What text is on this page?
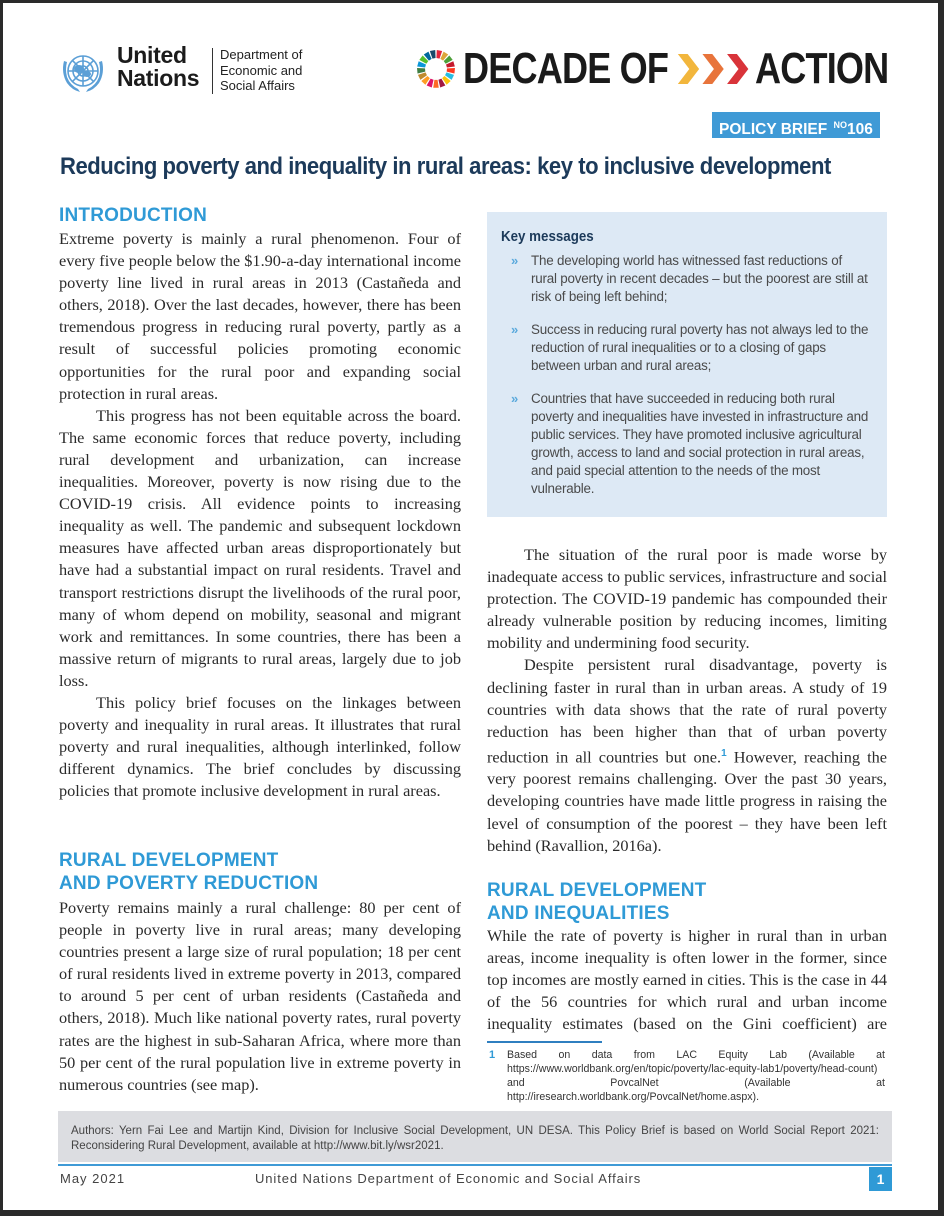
United
Nations
Department of
Economic and
Social Affairs	DECADE OF ACTION
POLICY BRIEF $^{NO}$106
Reducing poverty and inequality in rural areas: key to inclusive development
INTRODUCTION

Extreme poverty is mainly a rural phenomenon. Four of every five people below the $1.90-a-day international income poverty line lived in rural areas in 2013 (Castañeda and others, 2018). Over the last decades, however, there has been tremendous progress in reducing rural poverty, partly as a result of successful policies promoting economic opportunities for the rural poor and expanding social protection in rural areas.

This progress has not been equitable across the board. The same economic forces that reduce poverty, including rural development and urbanization, can increase inequalities. Moreover, poverty is now rising due to the COVID-19 crisis. All evidence points to increasing inequality as well. The pandemic and subsequent lockdown measures have affected urban areas disproportionately but have had a substantial impact on rural residents. Travel and transport restrictions disrupt the livelihoods of the rural poor, many of whom depend on mobility, seasonal and migrant work and remittances. In some countries, there has been a massive return of migrants to rural areas, largely due to job loss.

This policy brief focuses on the linkages between poverty and inequality in rural areas. It illustrates that rural poverty and rural inequalities, although interlinked, follow different dynamics. The brief concludes by discussing policies that promote inclusive development in rural areas.

RURAL DEVELOPMENT
AND POVERTY REDUCTION

Poverty remains mainly a rural challenge: 80 per cent of people in poverty live in rural areas; many developing countries present a large size of rural population; 18 per cent of rural residents lived in extreme poverty in 2013, compared to around 5 per cent of urban residents (Castañeda and others, 2018). Much like national poverty rates, rural poverty rates are the highest in sub-Saharan Africa, where more than 50 per cent of the rural population live in extreme poverty in numerous countries (see map).

Key messages
» The developing world has witnessed fast reductions of rural poverty in recent decades – but the poorest are still at risk of being left behind;
» Success in reducing rural poverty has not always led to the reduction of rural inequalities or to a closing of gaps between urban and rural areas;
» Countries that have succeeded in reducing both rural poverty and inequalities have invested in infrastructure and public services. They have promoted inclusive agricultural growth, access to land and social protection in rural areas, and paid special attention to the needs of the most vulnerable.

The situation of the rural poor is made worse by inadequate access to public services, infrastructure and social protection. The COVID-19 pandemic has compounded their already vulnerable position by reducing incomes, limiting mobility and undermining food security.

Despite persistent rural disadvantage, poverty is declining faster in rural than in urban areas. A study of 19 countries with data shows that the rate of rural poverty reduction has been higher than that of urban poverty reduction in all countries but one.$^1$ However, reaching the very poorest remains challenging. Over the past 30 years, developing countries have made little progress in raising the level of consumption of the poorest – they have been left behind (Ravallion, 2016a).

RURAL DEVELOPMENT
AND INEQUALITIES

While the rate of poverty is higher in rural than in urban areas, income inequality is often lower in the former, since top incomes are mostly earned in cities. This is the case in 44 of the 56 countries for which rural and urban income inequality estimates (based on the Gini coefficient) are

1 Based on data from LAC Equity Lab (Available at https://www.worldbank.org/en/topic/poverty/lac-equity-lab1/poverty/head-count) and PovcalNet (Available at http://iresearch.worldbank.org/PovcalNet/home.aspx).
Authors: Yern Fai Lee and Martijn Kind, Division for Inclusive Social Development, UN DESA. This Policy Brief is based on World Social Report 2021: Reconsidering Rural Development, available at http://www.bit.ly/wsr2021.
May 2021	United Nations Department of Economic and Social Affairs	1
